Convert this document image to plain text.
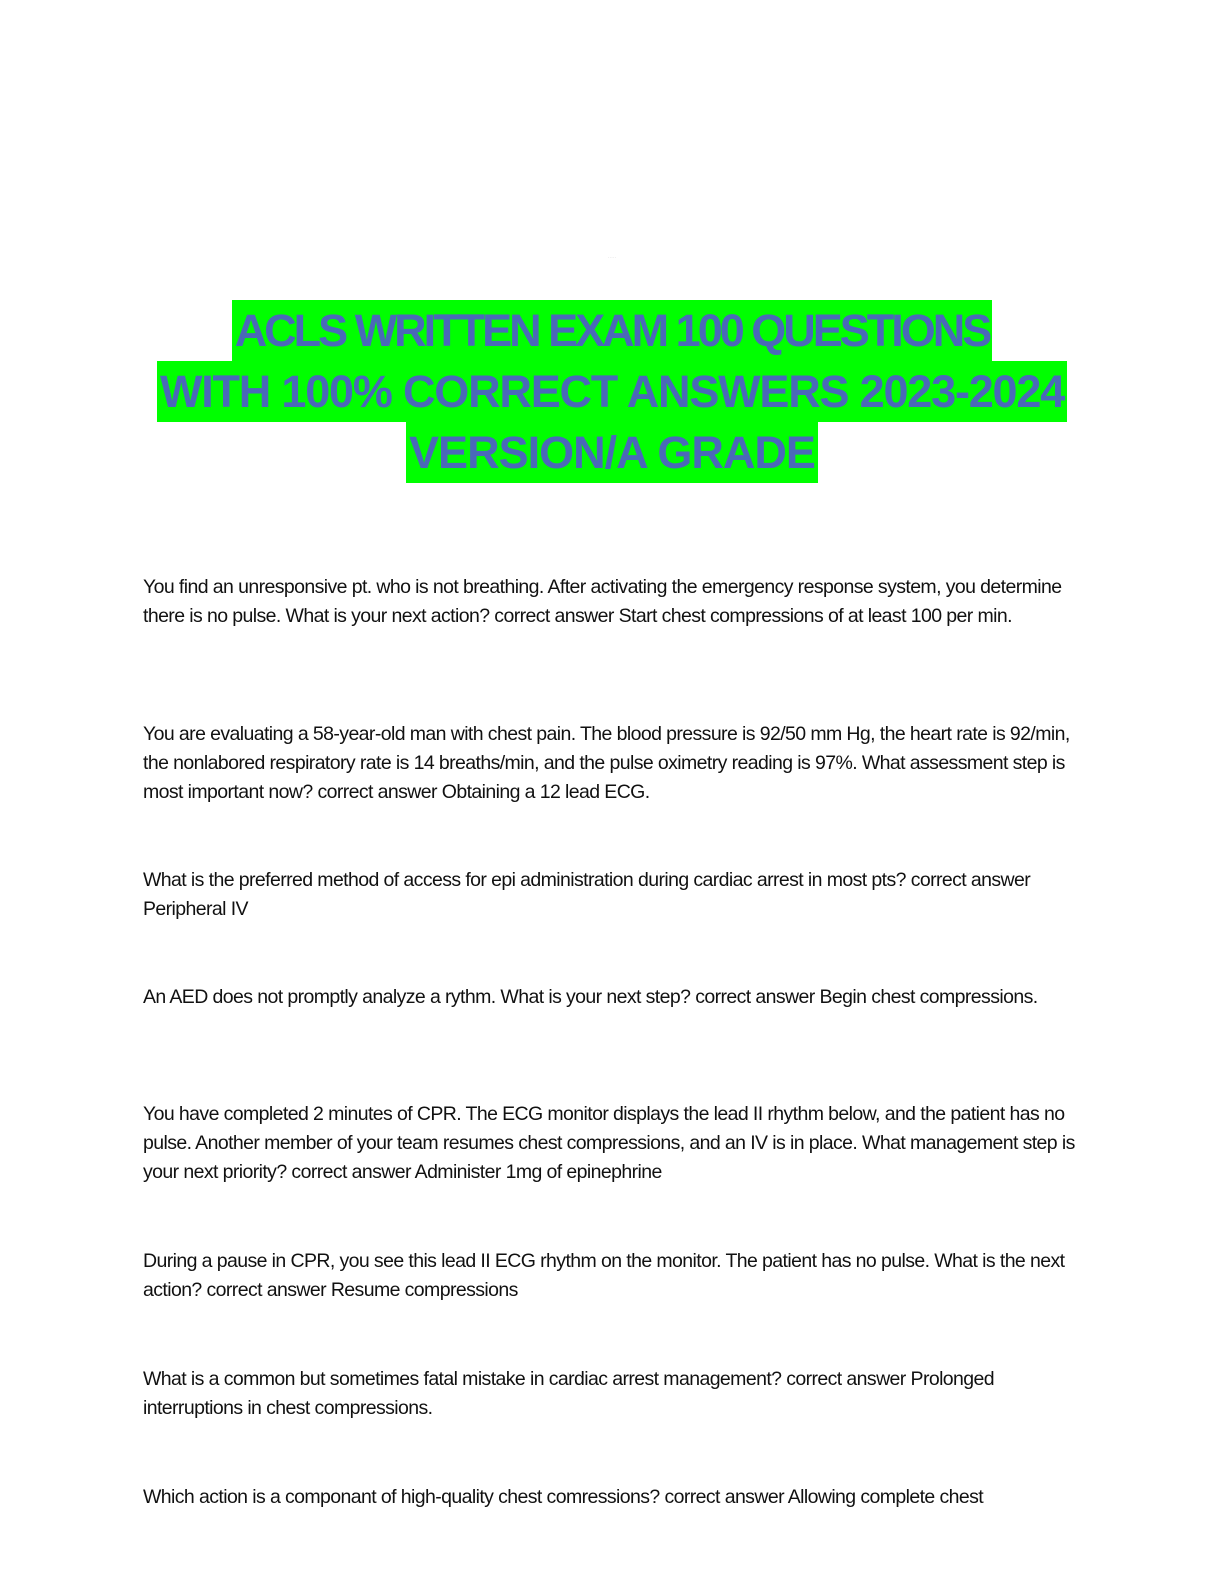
· · · · ·
ACLS WRITTEN EXAM 100 QUESTIONS
WITH 100% CORRECT ANSWERS 2023-2024
VERSION/A GRADE

You find an unresponsive pt. who is not breathing. After activating the emergency response system, you determine there is no pulse. What is your next action? correct answer Start chest compressions of at least 100 per min.

You are evaluating a 58-year-old man with chest pain. The blood pressure is 92/50 mm Hg, the heart rate is 92/min, the nonlabored respiratory rate is 14 breaths/min, and the pulse oximetry reading is 97%. What assessment step is most important now? correct answer Obtaining a 12 lead ECG.

What is the preferred method of access for epi administration during cardiac arrest in most pts? correct answer Peripheral IV

An AED does not promptly analyze a rythm. What is your next step? correct answer Begin chest compressions.

You have completed 2 minutes of CPR. The ECG monitor displays the lead II rhythm below, and the patient has no pulse. Another member of your team resumes chest compressions, and an IV is in place. What management step is your next priority? correct answer Administer 1mg of epinephrine

During a pause in CPR, you see this lead II ECG rhythm on the monitor. The patient has no pulse. What is the next action? correct answer Resume compressions

What is a common but sometimes fatal mistake in cardiac arrest management? correct answer Prolonged interruptions in chest compressions.

Which action is a componant of high-quality chest comressions? correct answer Allowing complete chest
